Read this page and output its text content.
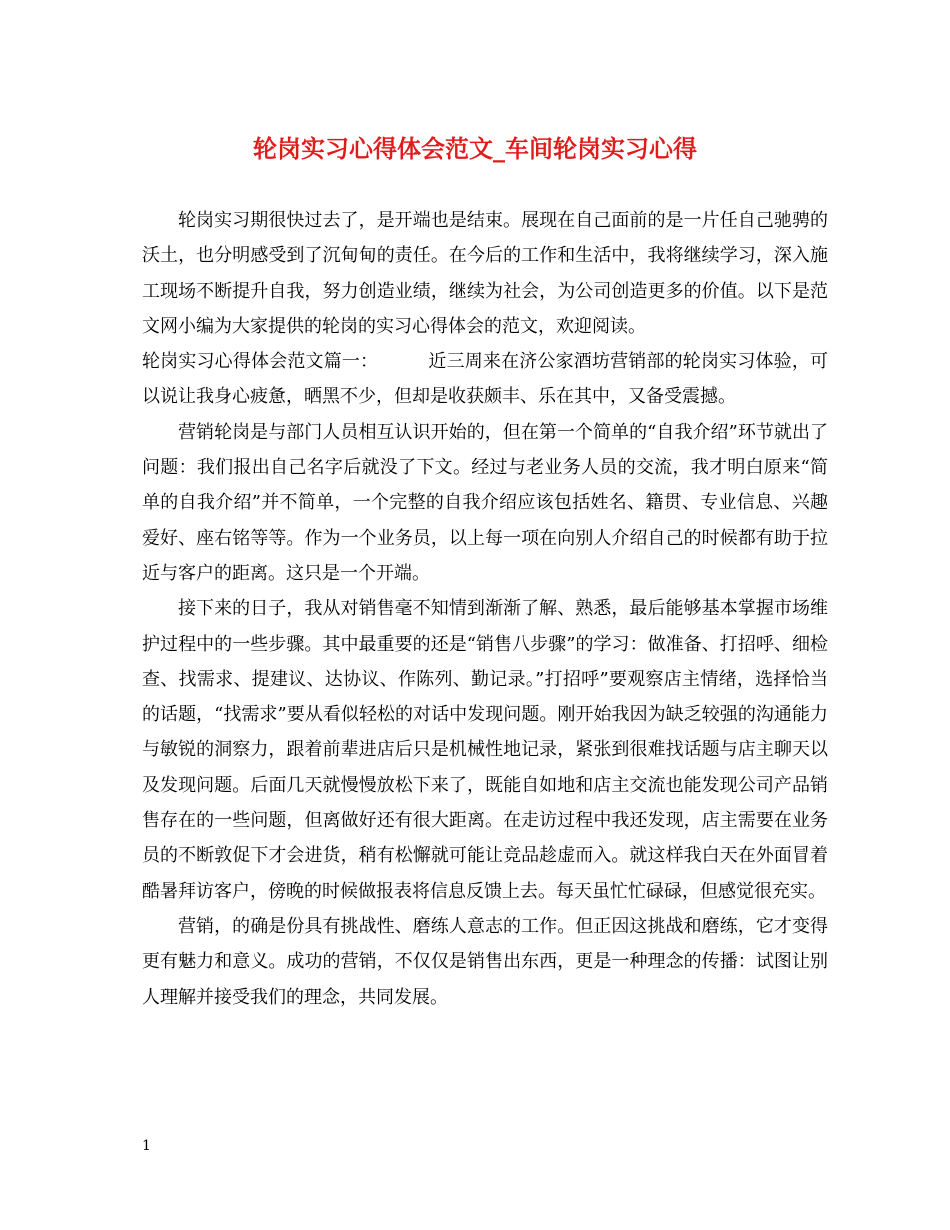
轮岗实习心得体会范文_车间轮岗实习心得

轮岗实习期很快过去了，是开端也是结束。展现在自己面前的是一片任自己驰骋的沃土，也分明感受到了沉甸甸的责任。在今后的工作和生活中，我将继续学习，深入施工现场不断提升自我，努力创造业绩，继续为社会，为公司创造更多的价值。以下是范文网小编为大家提供的轮岗的实习心得体会的范文，欢迎阅读。

轮岗实习心得体会范文篇一：	近三周来在济公家酒坊营销部的轮岗实习体验，可以说让我身心疲惫，晒黑不少，但却是收获颇丰、乐在其中，又备受震撼。

营销轮岗是与部门人员相互认识开始的，但在第一个简单的“自我介绍”环节就出了问题：我们报出自己名字后就没了下文。经过与老业务人员的交流，我才明白原来“简单的自我介绍”并不简单，一个完整的自我介绍应该包括姓名、籍贯、专业信息、兴趣爱好、座右铭等等。作为一个业务员，以上每一项在向别人介绍自己的时候都有助于拉近与客户的距离。这只是一个开端。

接下来的日子，我从对销售毫不知情到渐渐了解、熟悉，最后能够基本掌握市场维护过程中的一些步骤。其中最重要的还是“销售八步骤”的学习：做准备、打招呼、细检查、找需求、提建议、达协议、作陈列、勤记录。”打招呼”要观察店主情绪，选择恰当的话题，“找需求”要从看似轻松的对话中发现问题。刚开始我因为缺乏较强的沟通能力与敏锐的洞察力，跟着前辈进店后只是机械性地记录，紧张到很难找话题与店主聊天以及发现问题。后面几天就慢慢放松下来了，既能自如地和店主交流也能发现公司产品销售存在的一些问题，但离做好还有很大距离。在走访过程中我还发现，店主需要在业务员的不断敦促下才会进货，稍有松懈就可能让竞品趁虚而入。就这样我白天在外面冒着酷暑拜访客户，傍晚的时候做报表将信息反馈上去。每天虽忙忙碌碌，但感觉很充实。

营销，的确是份具有挑战性、磨练人意志的工作。但正因这挑战和磨练，它才变得更有魅力和意义。成功的营销，不仅仅是销售出东西，更是一种理念的传播：试图让别人理解并接受我们的理念，共同发展。

1
